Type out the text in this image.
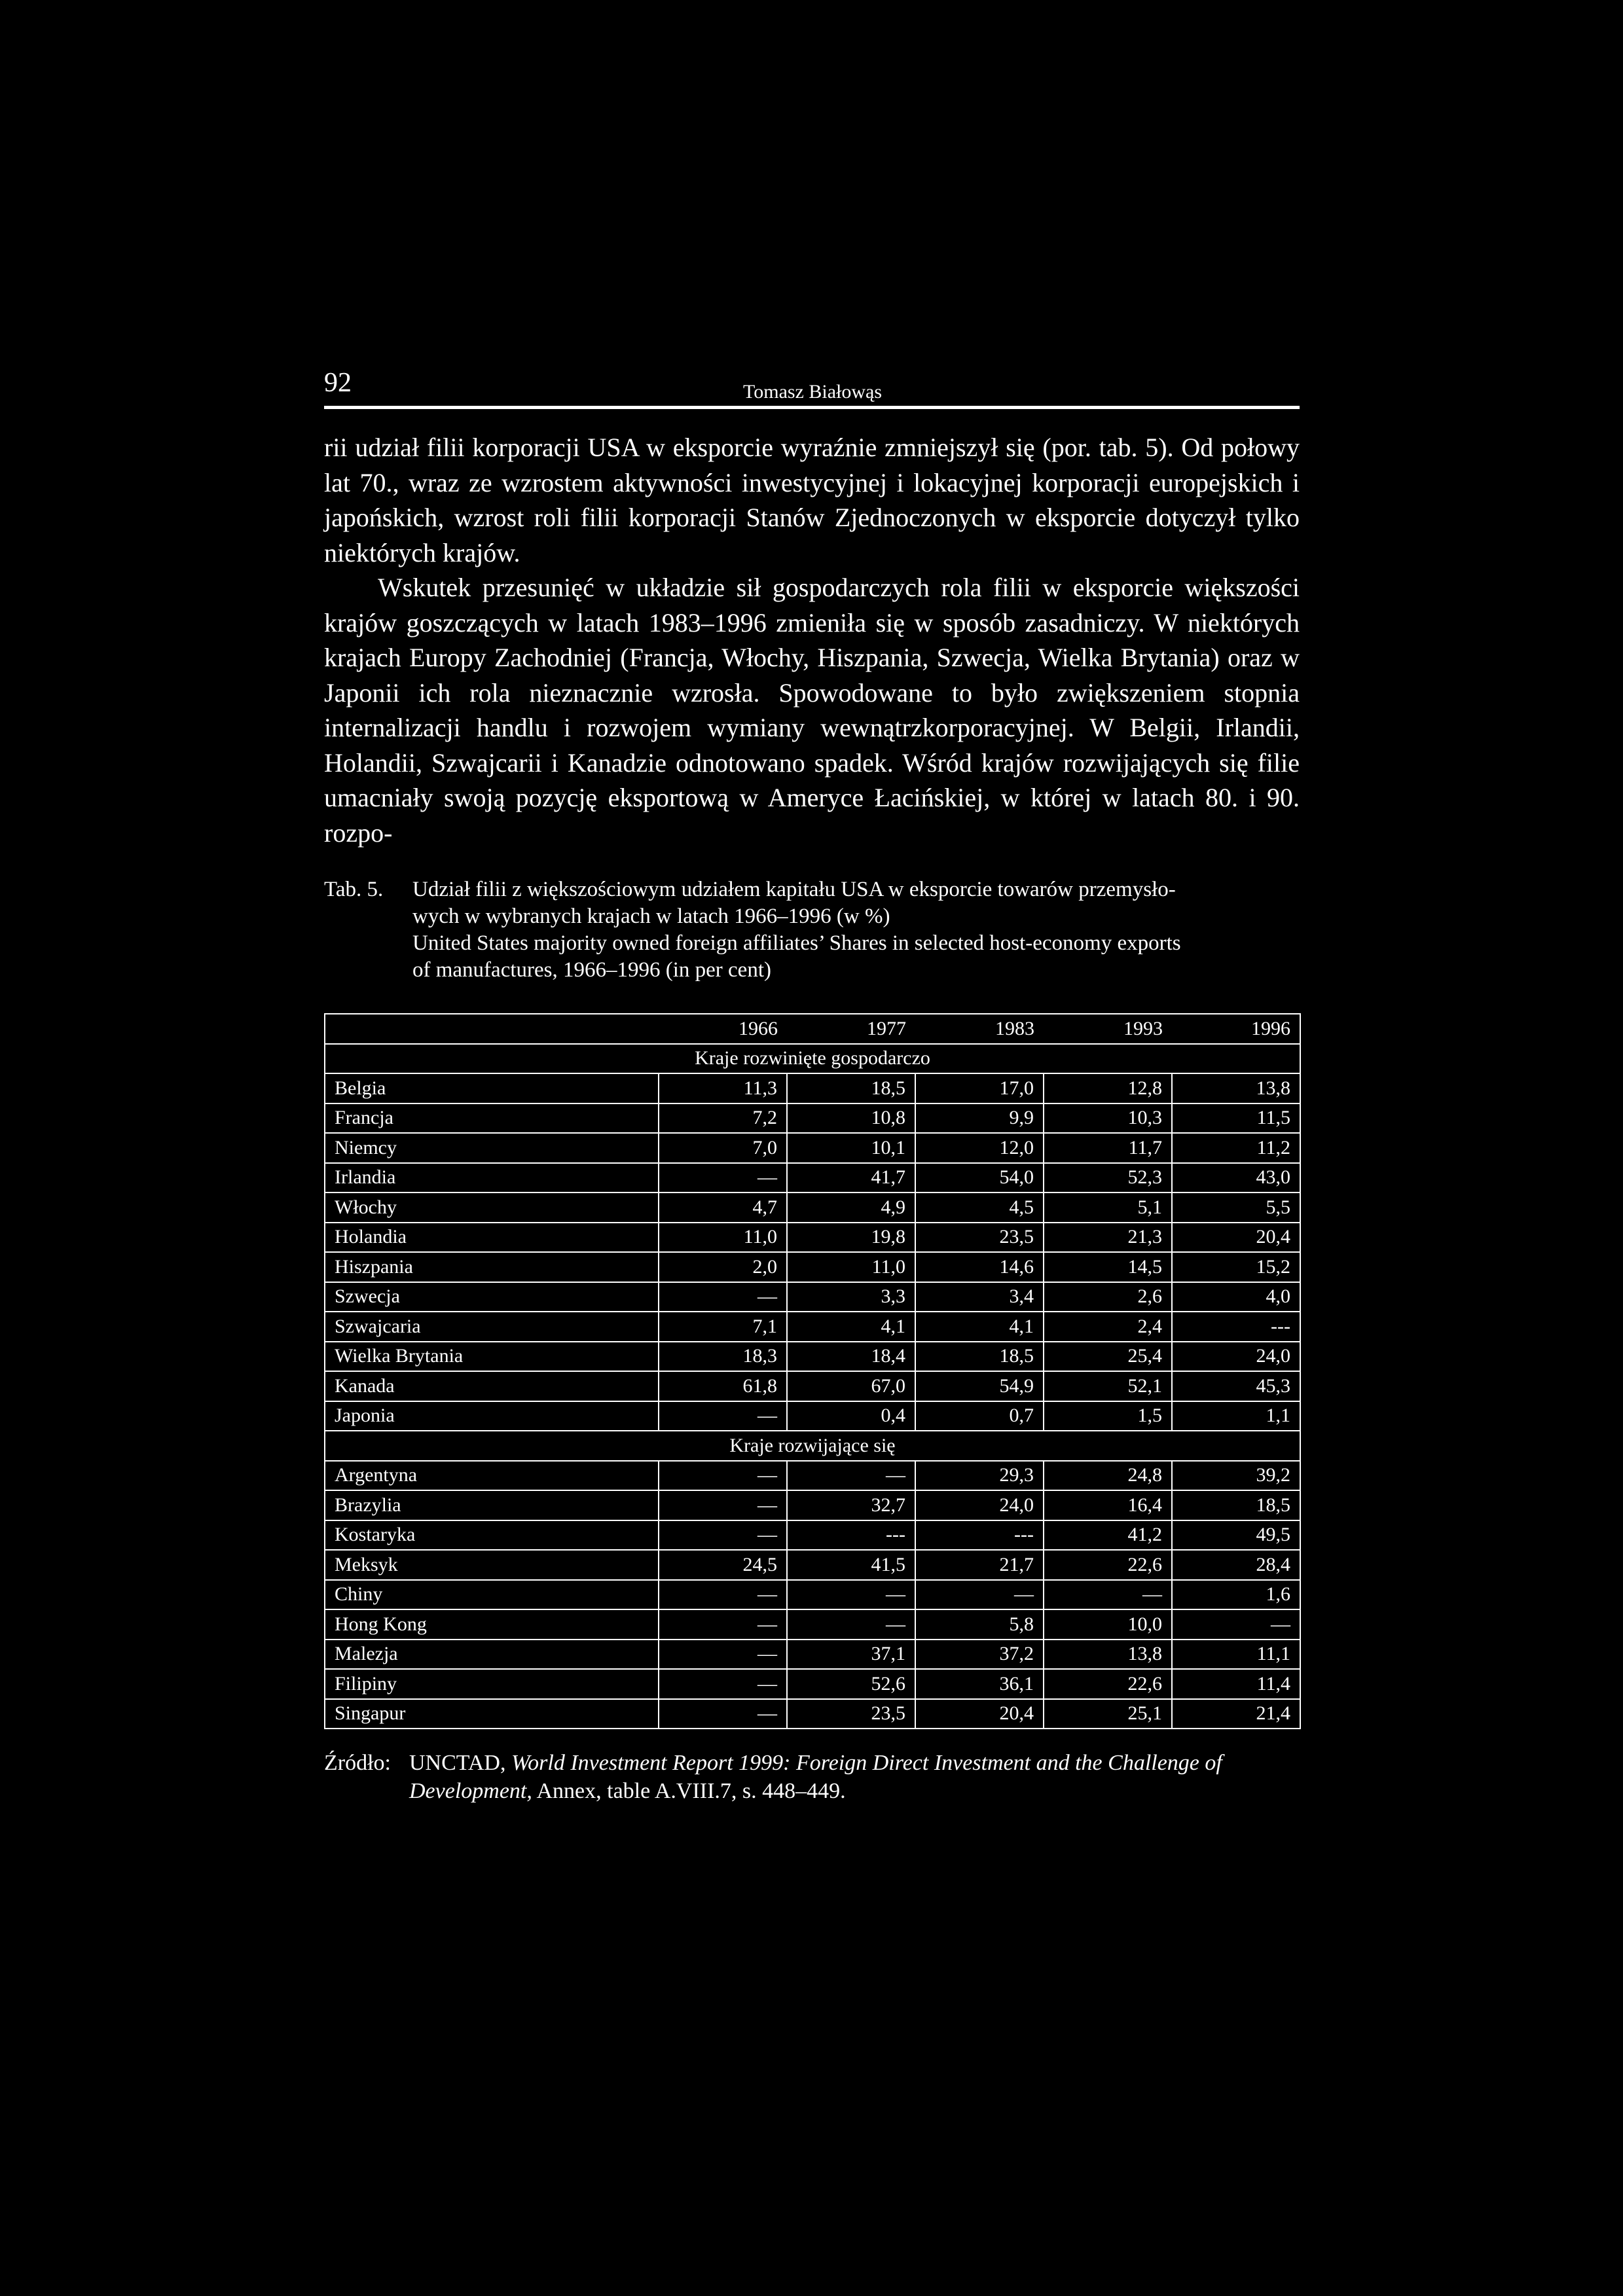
92	Tomasz Białowąs

rii udział filii korporacji USA w eksporcie wyraźnie zmniejszył się (por. tab. 5). Od połowy lat 70., wraz ze wzrostem aktywności inwestycyjnej i lokacyjnej korporacji europejskich i japońskich, wzrost roli filii korporacji Stanów Zjednoczonych w eksporcie dotyczył tylko niektórych krajów.

Wskutek przesunięć w układzie sił gospodarczych rola filii w eksporcie większości krajów goszczących w latach 1983–1996 zmieniła się w sposób zasadniczy. W niektórych krajach Europy Zachodniej (Francja, Włochy, Hiszpania, Szwecja, Wielka Brytania) oraz w Japonii ich rola nieznacznie wzrosła. Spowodowane to było zwiększeniem stopnia internalizacji handlu i rozwojem wymiany wewnątrzkorporacyjnej. W Belgii, Irlandii, Holandii, Szwajcarii i Kanadzie odnotowano spadek. Wśród krajów rozwijających się filie umacniały swoją pozycję eksportową w Ameryce Łacińskiej, w której w latach 80. i 90. rozpo-

Tab. 5. Udział filii z większościowym udziałem kapitału USA w eksporcie towarów przemysło-
wych w wybranych krajach w latach 1966–1996 (w %)
United States majority owned foreign affiliates’ Shares in selected host-economy exports
of manufactures, 1966–1996 (in per cent)
	1966	1977	1983	1993	1996
Kraje rozwinięte gospodarczo					
Belgia	11,3	18,5	17,0	12,8	13,8
Francja	7,2	10,8	9,9	10,3	11,5
Niemcy	7,0	10,1	12,0	11,7	11,2
Irlandia	—	41,7	54,0	52,3	43,0
Włochy	4,7	4,9	4,5	5,1	5,5
Holandia	11,0	19,8	23,5	21,3	20,4
Hiszpania	2,0	11,0	14,6	14,5	15,2
Szwecja	—	3,3	3,4	2,6	4,0
Szwajcaria	7,1	4,1	4,1	2,4	---
Wielka Brytania	18,3	18,4	18,5	25,4	24,0
Kanada	61,8	67,0	54,9	52,1	45,3
Japonia	—	0,4	0,7	1,5	1,1
Kraje rozwijające się					
Argentyna	—	—	29,3	24,8	39,2
Brazylia	—	32,7	24,0	16,4	18,5
Kostaryka	—	---	---	41,2	49,5
Meksyk	24,5	41,5	21,7	22,6	28,4
Chiny	—	—	—	—	1,6
Hong Kong	—	—	5,8	10,0	—
Malezja	—	37,1	37,2	13,8	11,1
Filipiny	—	52,6	36,1	22,6	11,4
Singapur	—	23,5	20,4	25,1	21,4
Źródło: UNCTAD, World Investment Report 1999: Foreign Direct Investment and the Challenge of Development, Annex, table A.VIII.7, s. 448–449.
